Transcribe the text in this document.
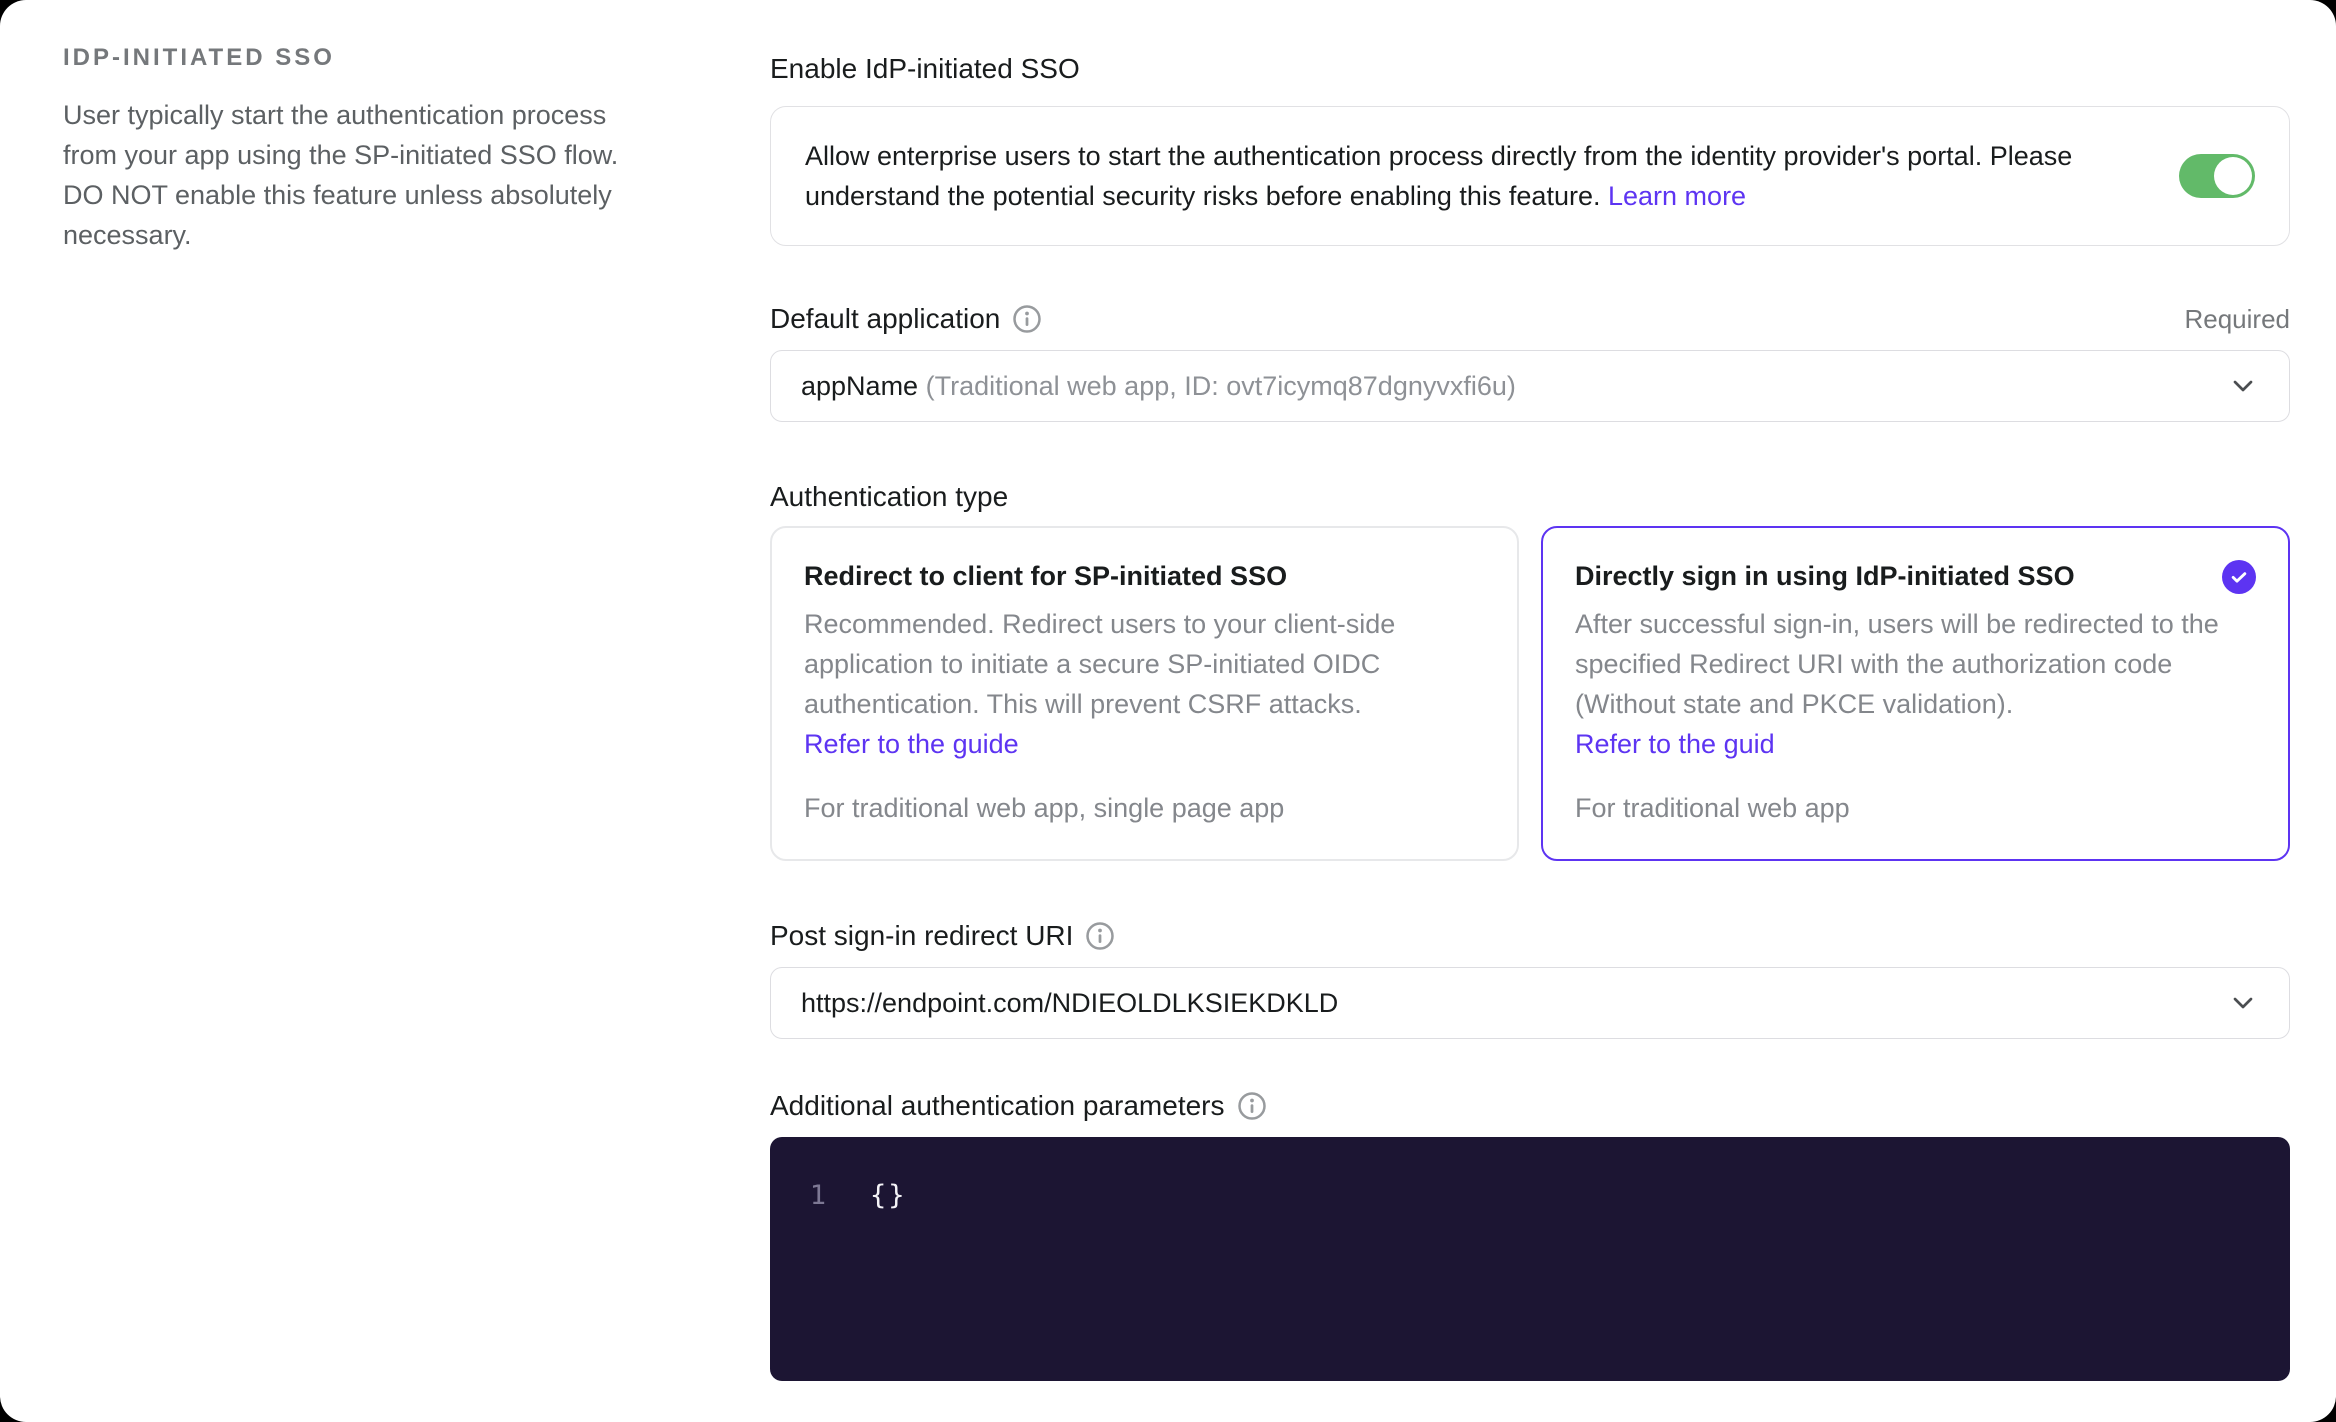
IDP-INITIATED SSO

User typically start the authentication process from your app using the SP-initiated SSO flow. DO NOT enable this feature unless absolutely necessary.

Enable IdP-initiated SSO
Allow enterprise users to start the authentication process directly from the identity provider's portal. Please understand the potential security risks before enabling this feature. Learn more
Default application	Required
appName (Traditional web app, ID: ovt7icymq87dgnyvxfi6u)
Authentication type
Redirect to client for SP-initiated SSO
Recommended. Redirect users to your client-side application to initiate a secure SP-initiated OIDC authentication. This will prevent CSRF attacks.
Refer to the guide
For traditional web app, single page app
Directly sign in using IdP-initiated SSO
After successful sign-in, users will be redirected to the specified Redirect URI with the authorization code (Without state and PKCE validation).
Refer to the guid
For traditional web app
Post sign-in redirect URI
https://endpoint.com/NDIEOLDLKSIEKDKLD
Additional authentication parameters
1 {}
